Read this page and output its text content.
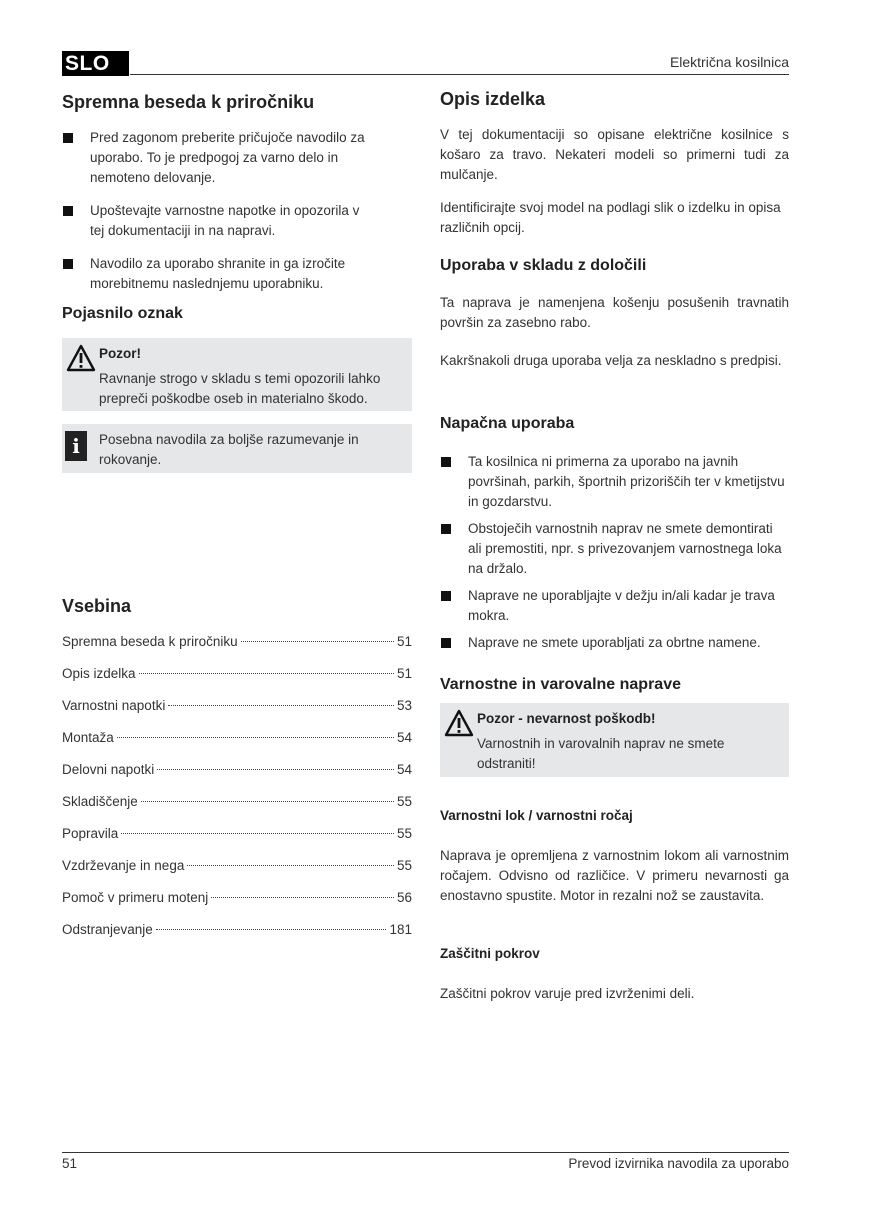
SLO	Električna kosilnica
Spremna beseda k priročniku
Pred zagonom preberite pričujoče navodilo za uporabo. To je predpogoj za varno delo in nemoteno delovanje.
Upoštevajte varnostne napotke in opozorila v tej dokumentaciji in na napravi.
Navodilo za uporabo shranite in ga izročite morebitnemu naslednjemu uporabniku.
Pojasnilo oznak
Pozor!
Ravnanje strogo v skladu s temi opozorili lahko prepreči poškodbe oseb in materialno škodo.
i	Posebna navodila za boljše razumevanje in rokovanje.
Vsebina
Spremna beseda k priročniku	51
Opis izdelka	51
Varnostni napotki	53
Montaža	54
Delovni napotki	54
Skladiščenje	55
Popravila	55
Vzdrževanje in nega	55
Pomoč v primeru motenj	56
Odstranjevanje	181
Opis izdelka

V tej dokumentaciji so opisane električne kosilnice s košaro za travo. Nekateri modeli so primerni tudi za mulčanje.

Identificirajte svoj model na podlagi slik o izdelku in opisa različnih opcij.

Uporaba v skladu z določili

Ta naprava je namenjena košenju posušenih travnatih površin za zasebno rabo.

Kakršnakoli druga uporaba velja za neskladno s predpisi.

Napačna uporaba
Ta kosilnica ni primerna za uporabo na javnih površinah, parkih, športnih prizoriščih ter v kmetijstvu in gozdarstvu.
Obstoječih varnostnih naprav ne smete demontirati ali premostiti, npr. s privezovanjem varnostnega loka na držalo.
Naprave ne uporabljajte v dežju in/ali kadar je trava mokra.
Naprave ne smete uporabljati za obrtne namene.
Varnostne in varovalne naprave
Pozor - nevarnost poškodb!
Varnostnih in varovalnih naprav ne smete odstraniti!
Varnostni lok / varnostni ročaj

Naprava je opremljena z varnostnim lokom ali varnostnim ročajem. Odvisno od različice. V primeru nevarnosti ga enostavno spustite. Motor in rezalni nož se zaustavita.

Zaščitni pokrov

Zaščitni pokrov varuje pred izvrženimi deli.

51	Prevod izvirnika navodila za uporabo
